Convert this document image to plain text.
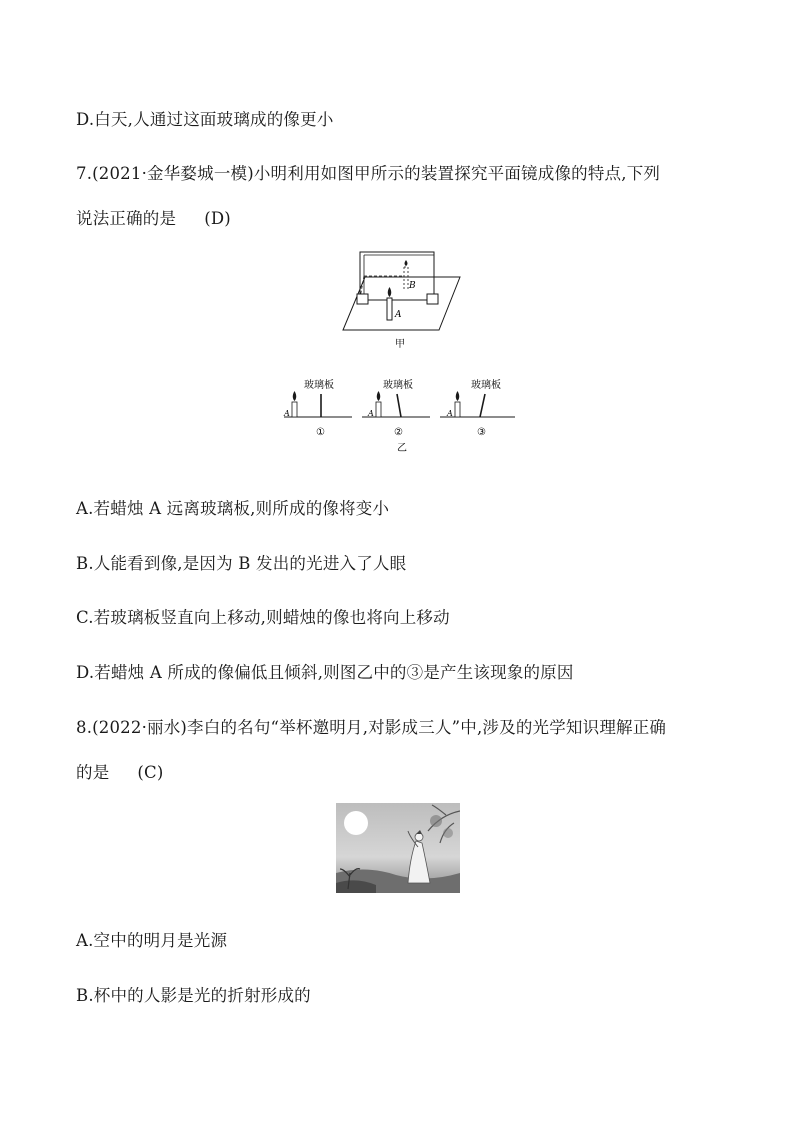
D.白天,人通过这面玻璃成的像更小
7.(2021·金华婺城一模)小明利用如图甲所示的装置探究平面镜成像的特点,下列
说法正确的是 (D)
B
A
甲
A
玻璃板
①
A
玻璃板
②
A
玻璃板
③
乙
A.若蜡烛 A 远离玻璃板,则所成的像将变小
B.人能看到像,是因为 B 发出的光进入了人眼
C.若玻璃板竖直向上移动,则蜡烛的像也将向上移动
D.若蜡烛 A 所成的像偏低且倾斜,则图乙中的③是产生该现象的原因
8.(2022·丽水)李白的名句“举杯邀明月,对影成三人”中,涉及的光学知识理解正确
的是 (C)
A.空中的明月是光源
B.杯中的人影是光的折射形成的
